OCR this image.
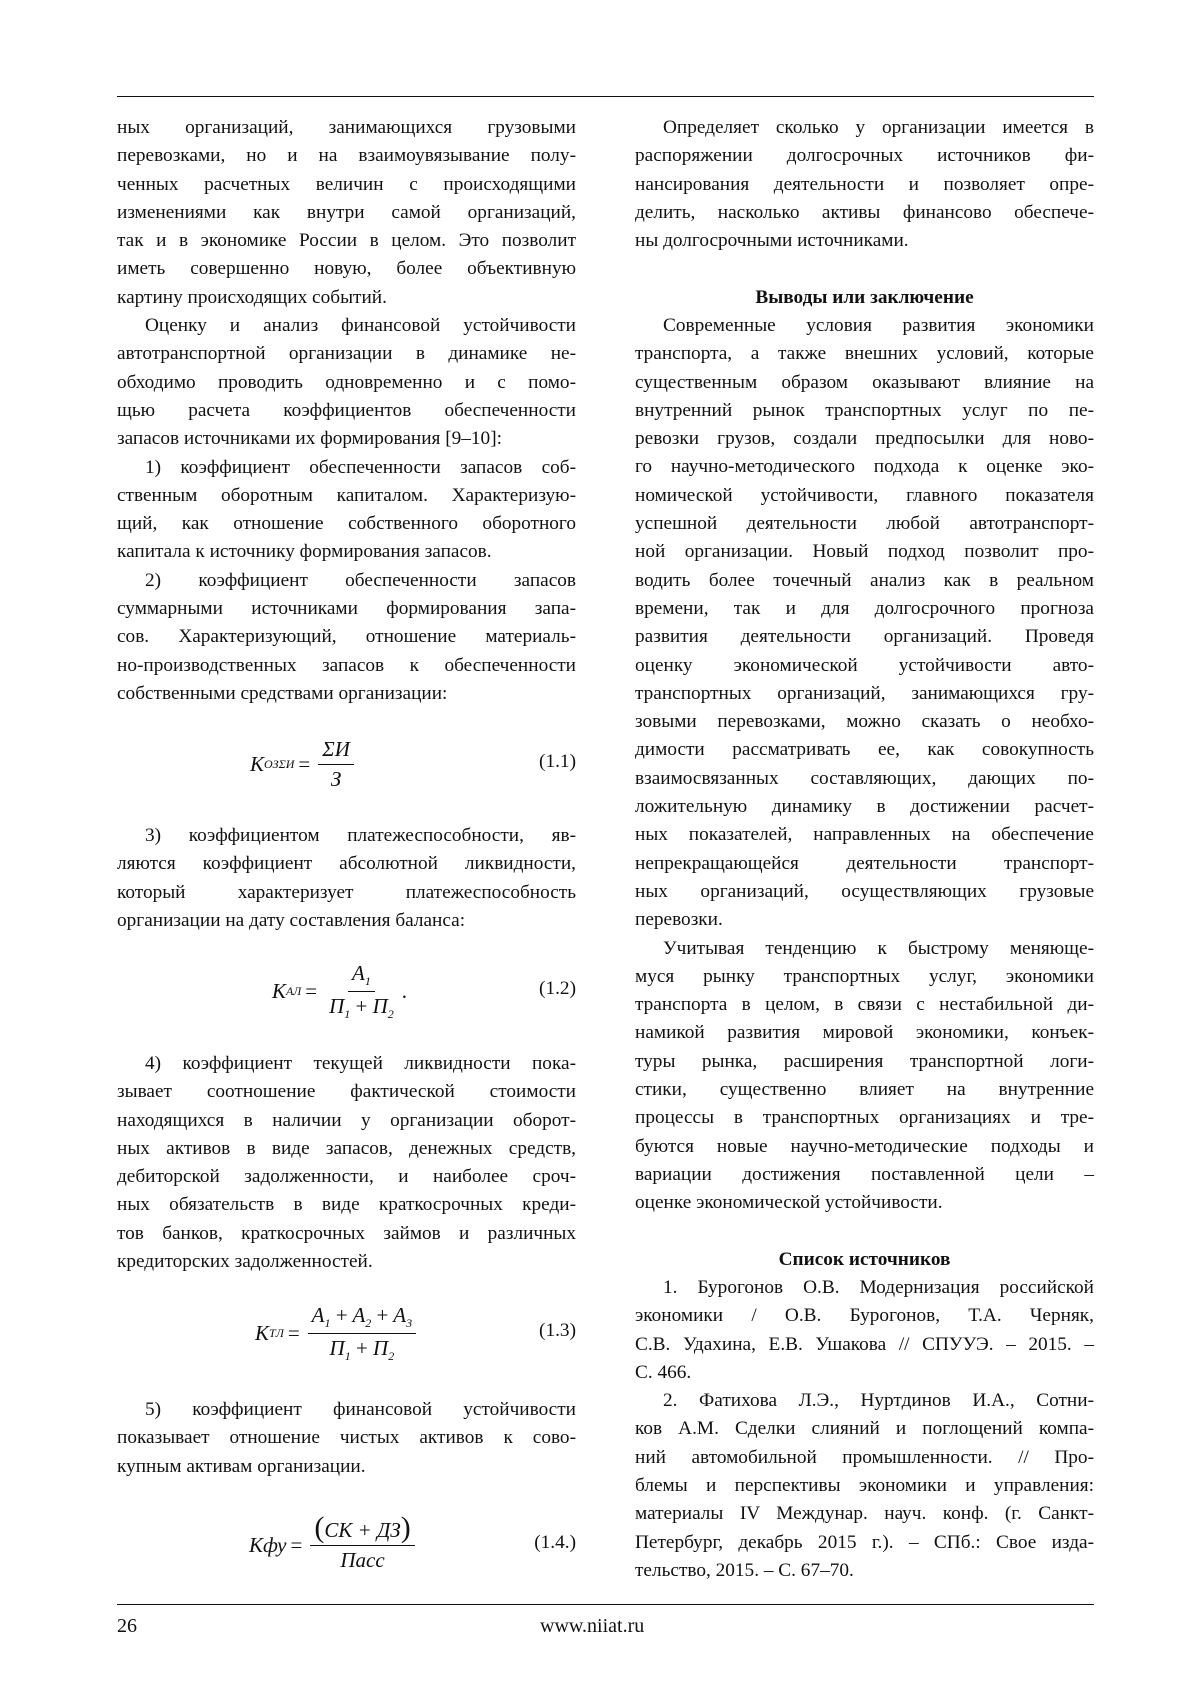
ных организаций, занимающихся грузовыми
перевозками, но и на взаимоувязывание полу-
ченных расчетных величин с происходящими
изменениями как внутри самой организаций,
так и в экономике России в целом. Это позволит
иметь совершенно новую, более объективную
картину происходящих событий.
Оценку и анализ финансовой устойчивости
автотранспортной организации в динамике не-
обходимо проводить одновременно и с помо-
щью расчета коэффициентов обеспеченности
запасов источниками их формирования [9–10]:
1) коэффициент обеспеченности запасов соб-
ственным оборотным капиталом. Характеризую-
щий, как отношение собственного оборотного
капитала к источнику формирования запасов.
2) коэффициент обеспеченности запасов
суммарными источниками формирования запа-
сов. Характеризующий, отношение материаль-
но-производственных запасов к обеспеченности
собственными средствами организации:
K ОЗΣИ =
ΣИ
З
(1.1)
3) коэффициентом платежеспособности, яв-
ляются коэффициент абсолютной ликвидности,
который характеризует платежеспособность
организации на дату составления баланса:
K АЛ =
A1
П1 + П2
.	(1.2)
4) коэффициент текущей ликвидности пока-
зывает соотношение фактической стоимости
находящихся в наличии у организации оборот-
ных активов в виде запасов, денежных средств,
дебиторской задолженности, и наиболее сроч-
ных обязательств в виде краткосрочных креди-
тов банков, краткосрочных займов и различных
кредиторских задолженностей.
K ТЛ =
A1 + A2 + A3
П1 + П2
(1.3)
5) коэффициент финансовой устойчивости
показывает отношение чистых активов к сово-
купным активам организации.
Кфу =
(СК + ДЗ)
Пасс
(1.4.)
Определяет сколько у организации имеется в
распоряжении долгосрочных источников фи-
нансирования деятельности и позволяет опре-
делить, насколько активы финансово обеспече-
ны долгосрочными источниками.
Выводы или заключение
Современные условия развития экономики
транспорта, а также внешних условий, которые
существенным образом оказывают влияние на
внутренний рынок транспортных услуг по пе-
ревозки грузов, создали предпосылки для ново-
го научно-методического подхода к оценке эко-
номической устойчивости, главного показателя
успешной деятельности любой автотранспорт-
ной организации. Новый подход позволит про-
водить более точечный анализ как в реальном
времени, так и для долгосрочного прогноза
развития деятельности организаций. Проведя
оценку экономической устойчивости авто-
транспортных организаций, занимающихся гру-
зовыми перевозками, можно сказать о необхо-
димости рассматривать ее, как совокупность
взаимосвязанных составляющих, дающих по-
ложительную динамику в достижении расчет-
ных показателей, направленных на обеспечение
непрекращающейся деятельности транспорт-
ных организаций, осуществляющих грузовые
перевозки.
Учитывая тенденцию к быстрому меняюще-
муся рынку транспортных услуг, экономики
транспорта в целом, в связи с нестабильной ди-
намикой развития мировой экономики, конъек-
туры рынка, расширения транспортной логи-
стики, существенно влияет на внутренние
процессы в транспортных организациях и тре-
буются новые научно-методические подходы и
вариации достижения поставленной цели –
оценке экономической устойчивости.
Список источников
1. Бурогонов О.В. Модернизация российской
экономики / О.В. Бурогонов, Т.А. Черняк,
С.В. Удахина, Е.В. Ушакова // СПУУЭ. – 2015. –
С. 466.
2. Фатихова Л.Э., Нуртдинов И.А., Сотни-
ков А.М. Сделки слияний и поглощений компа-
ний автомобильной промышленности. // Про-
блемы и перспективы экономики и управления:
материалы IV Междунар. науч. конф. (г. Санкт-
Петербург, декабрь 2015 г.). – СПб.: Свое изда-
тельство, 2015. – С. 67–70.
26	www.niiat.ru
